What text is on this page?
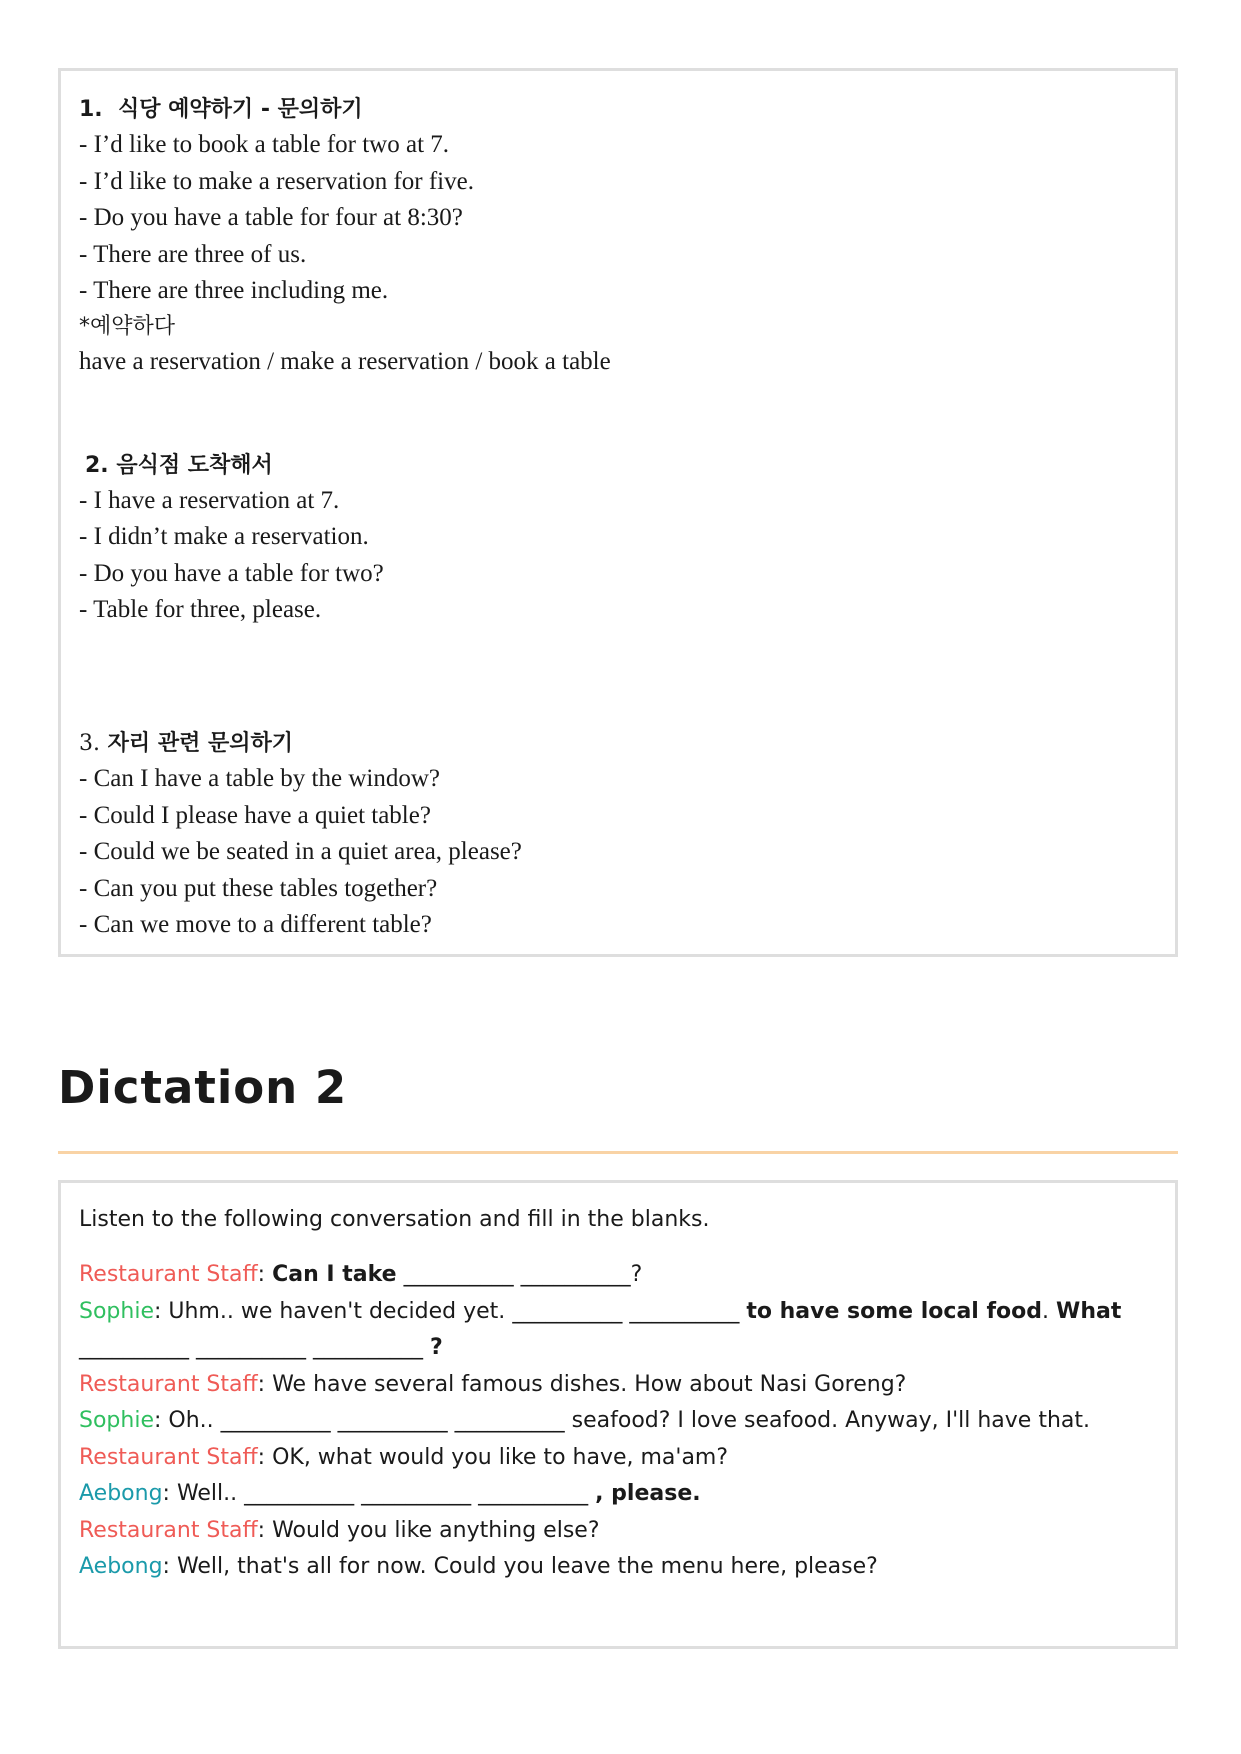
1. 식당 예약하기 - 문의하기
- I’d like to book a table for two at 7.
- I’d like to make a reservation for five.
- Do you have a table for four at 8:30?
- There are three of us.
- There are three including me.
*예약하다
have a reservation / make a reservation / book a table
2. 음식점 도착해서
- I have a reservation at 7.
- I didn’t make a reservation.
- Do you have a table for two?
- Table for three, please.
3. 자리 관련 문의하기
- Can I have a table by the window?
- Could I please have a quiet table?
- Could we be seated in a quiet area, please?
- Can you put these tables together?
- Can we move to a different table?
Dictation 2
Listen to the following conversation and fill in the blanks.

Restaurant Staff: Can I take __________ __________?

Sophie: Uhm.. we haven't decided yet. __________ __________ to have some local food. What __________ __________ __________ ?

Restaurant Staff: We have several famous dishes. How about Nasi Goreng?

Sophie: Oh.. __________ __________ __________ seafood? I love seafood. Anyway, I'll have that.

Restaurant Staff: OK, what would you like to have, ma'am?

Aebong: Well.. __________ __________ __________ , please.

Restaurant Staff: Would you like anything else?

Aebong: Well, that's all for now. Could you leave the menu here, please?
